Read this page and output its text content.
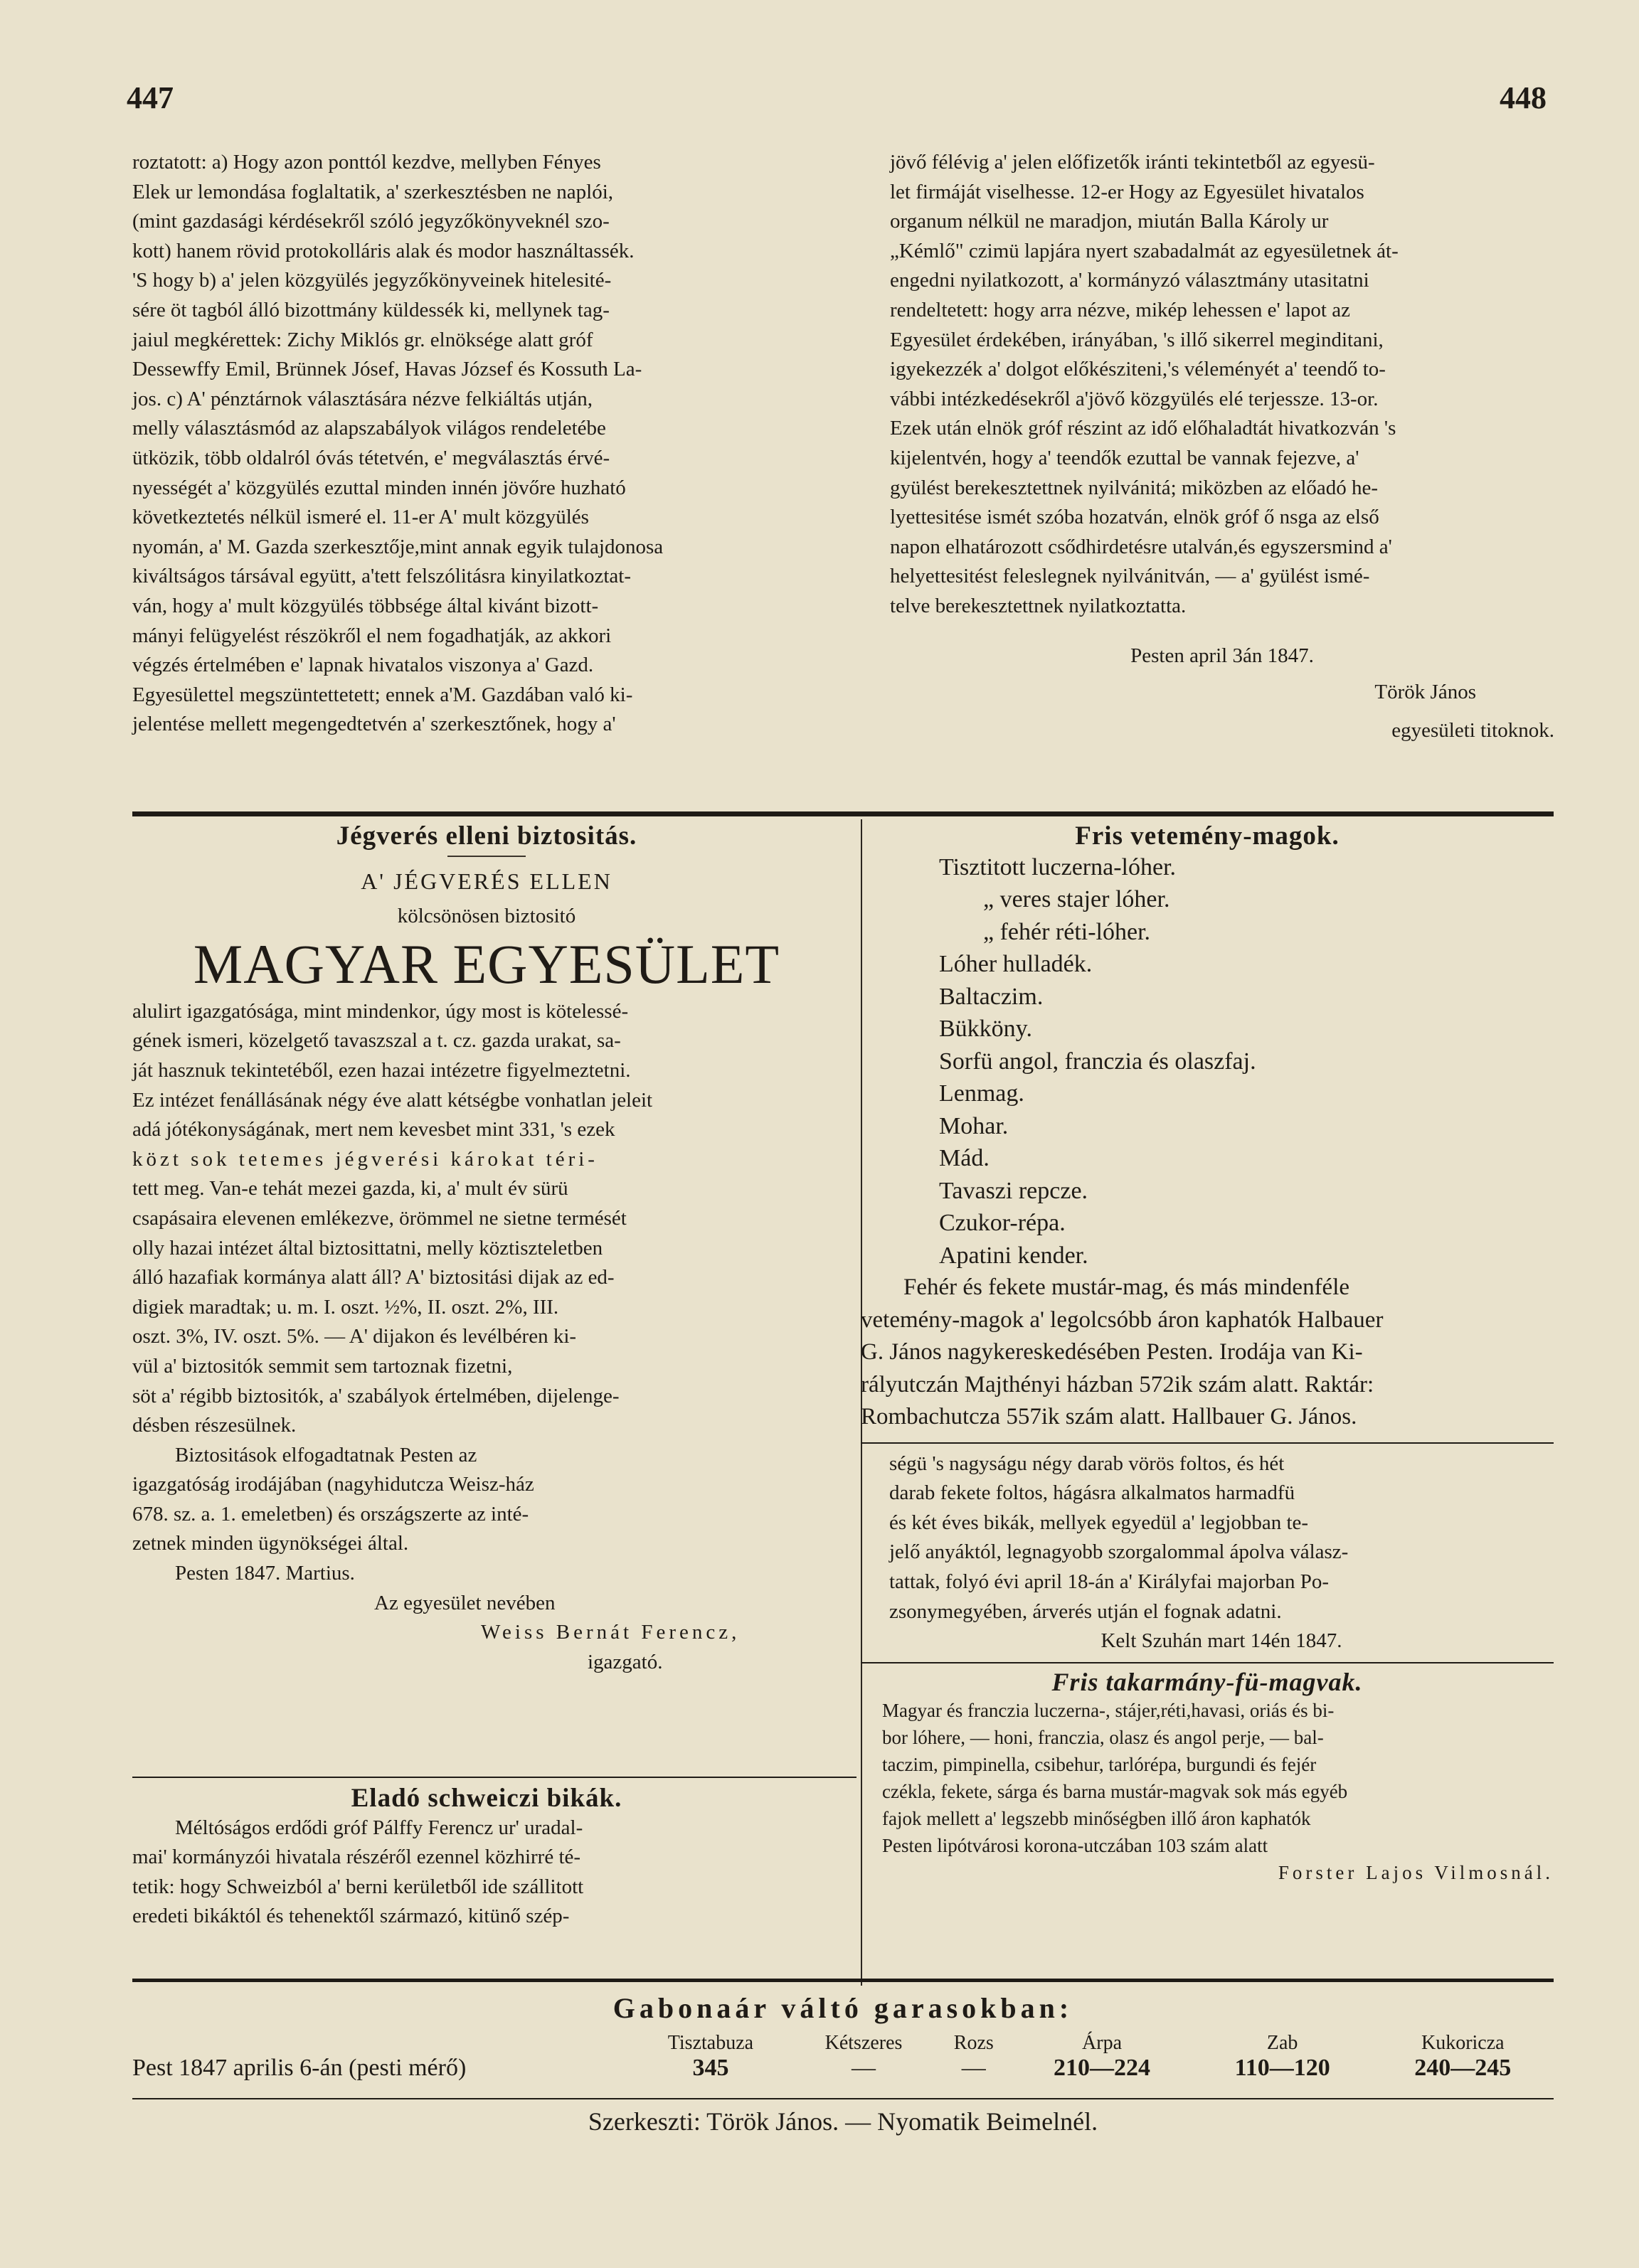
447	448

roztatott: a) Hogy azon ponttól kezdve, mellyben Fényes

Elek ur lemondása foglaltatik, a' szerkesztésben ne naplói,

(mint gazdasági kérdésekről szóló jegyzőkönyveknél szo-

kott) hanem rövid protokolláris alak és modor használtassék.

'S hogy b) a' jelen közgyülés jegyzőkönyveinek hitelesité-

sére öt tagból álló bizottmány küldessék ki, mellynek tag-

jaiul megkérettek: Zichy Miklós gr. elnöksége alatt gróf

Dessewffy Emil, Brünnek Jósef, Havas József és Kossuth La-

jos. c) A' pénztárnok választására nézve felkiáltás utján,

melly választásmód az alapszabályok világos rendeletébe

ütközik, több oldalról óvás tétetvén, e' megválasztás érvé-

nyességét a' közgyülés ezuttal minden innén jövőre huzható

következtetés nélkül ismeré el. 11-er A' mult közgyülés

nyomán, a' M. Gazda szerkesztője,mint annak egyik tulajdonosa

kiváltságos társával együtt, a'tett felszólitásra kinyilatkoztat-

ván, hogy a' mult közgyülés többsége által kivánt bizott-

mányi felügyelést részökről el nem fogadhatják, az akkori

végzés értelmében e' lapnak hivatalos viszonya a' Gazd.

Egyesülettel megszüntettetett; ennek a'M. Gazdában való ki-

jelentése mellett megengedtetvén a' szerkesztőnek, hogy a'

jövő félévig a' jelen előfizetők iránti tekintetből az egyesü-

let firmáját viselhesse. 12-er Hogy az Egyesület hivatalos

organum nélkül ne maradjon, miután Balla Károly ur

„Kémlő" czimü lapjára nyert szabadalmát az egyesületnek át-

engedni nyilatkozott, a' kormányzó választmány utasitatni

rendeltetett: hogy arra nézve, mikép lehessen e' lapot az

Egyesület érdekében, irányában, 's illő sikerrel meginditani,

igyekezzék a' dolgot előkésziteni,'s véleményét a' teendő to-

vábbi intézkedésekről a'jövő közgyülés elé terjessze. 13-or.

Ezek után elnök gróf részint az idő előhaladtát hivatkozván 's

kijelentvén, hogy a' teendők ezuttal be vannak fejezve, a'

gyülést berekesztettnek nyilvánitá; miközben az előadó he-

lyettesitése ismét szóba hozatván, elnök gróf ő nsga az első

napon elhatározott csődhirdetésre utalván,és egyszersmind a'

helyettesitést feleslegnek nyilvánitván, — a' gyülést ismé-

telve berekesztettnek nyilatkoztatta.

Pesten april 3án 1847.

Török János

egyesületi titoknok.

Jégverés elleni biztositás.

A' JÉGVERÉS ELLEN

kölcsönösen biztositó

MAGYAR EGYESÜLET

alulirt igazgatósága, mint mindenkor, úgy most is kötelessé-

gének ismeri, közelgető tavaszszal a t. cz. gazda urakat, sa-

ját hasznuk tekintetéből, ezen hazai intézetre figyelmeztetni.

Ez intézet fenállásának négy éve alatt kétségbe vonhatlan jeleit

adá jótékonyságának, mert nem kevesbet mint 331, 's ezek

közt sok tetemes jégverési károkat téri-

tett meg. Van-e tehát mezei gazda, ki, a' mult év sürü

csapásaira elevenen emlékezve, örömmel ne sietne termését

olly hazai intézet által biztosittatni, melly köztiszteletben

álló hazafiak kormánya alatt áll? A' biztositási dijak az ed-

digiek maradtak; u. m. I. oszt. ½%, II. oszt. 2%, III.

oszt. 3%, IV. oszt. 5%. — A' dijakon és levélbéren ki-

vül a' biztositók semmit sem tartoznak fizetni,

söt a' régibb biztositók, a' szabályok értelmében, dijelenge-

désben részesülnek.

Biztositások elfogadtatnak Pesten az

igazgatóság irodájában (nagyhidutcza Weisz-ház

678. sz. a. 1. emeletben) és országszerte az inté-

zetnek minden ügynökségei által.

Pesten 1847. Martius.

Az egyesület nevében

Weiss Bernát Ferencz,

igazgató.

Eladó schweiczi bikák.

Méltóságos erdődi gróf Pálffy Ferencz ur' uradal-

mai' kormányzói hivatala részéről ezennel közhirré té-

tetik: hogy Schweizból a' berni kerületből ide szállitott

eredeti bikáktól és tehenektől származó, kitünő szép-

Fris vetemény-magok.

Tisztitott luczerna-lóher.

„ veres stajer lóher.

„ fehér réti-lóher.

Lóher hulladék.

Baltaczim.

Bükköny.

Sorfü angol, franczia és olaszfaj.

Lenmag.

Mohar.

Mád.

Tavaszi repcze.

Czukor-répa.

Apatini kender.

Fehér és fekete mustár-mag, és más mindenféle

vetemény-magok a' legolcsóbb áron kaphatók Halbauer

G. János nagykereskedésében Pesten. Irodája van Ki-

rályutczán Majthényi házban 572ik szám alatt. Raktár:

Rombachutcza 557ik szám alatt. Hallbauer G. János.

ségü 's nagyságu négy darab vörös foltos, és hét

darab fekete foltos, hágásra alkalmatos harmadfü

és két éves bikák, mellyek egyedül a' legjobban te-

jelő anyáktól, legnagyobb szorgalommal ápolva válasz-

tattak, folyó évi april 18-án a' Királyfai majorban Po-

zsonymegyében, árverés utján el fognak adatni.

Kelt Szuhán mart 14én 1847.

Fris takarmány-fü-magvak.

Magyar és franczia luczerna-, stájer,réti,havasi, oriás és bi-

bor lóhere, — honi, franczia, olasz és angol perje, — bal-

taczim, pimpinella, csibehur, tarlórépa, burgundi és fejér

czékla, fekete, sárga és barna mustár-magvak sok más egyéb

fajok mellett a' legszebb minőségben illő áron kaphatók

Pesten lipótvárosi korona-utczában 103 szám alatt

Forster Lajos Vilmosnál.

Gabonaár váltó garasokban:

	Tisztabuza	Kétszeres	Rozs	Árpa	Zab	Kukoricza
Pest 1847 aprilis 6-án (pesti mérő)	345	—	—	210—224	110—120	240—245
Szerkeszti: Török János. — Nyomatik Beimelnél.
